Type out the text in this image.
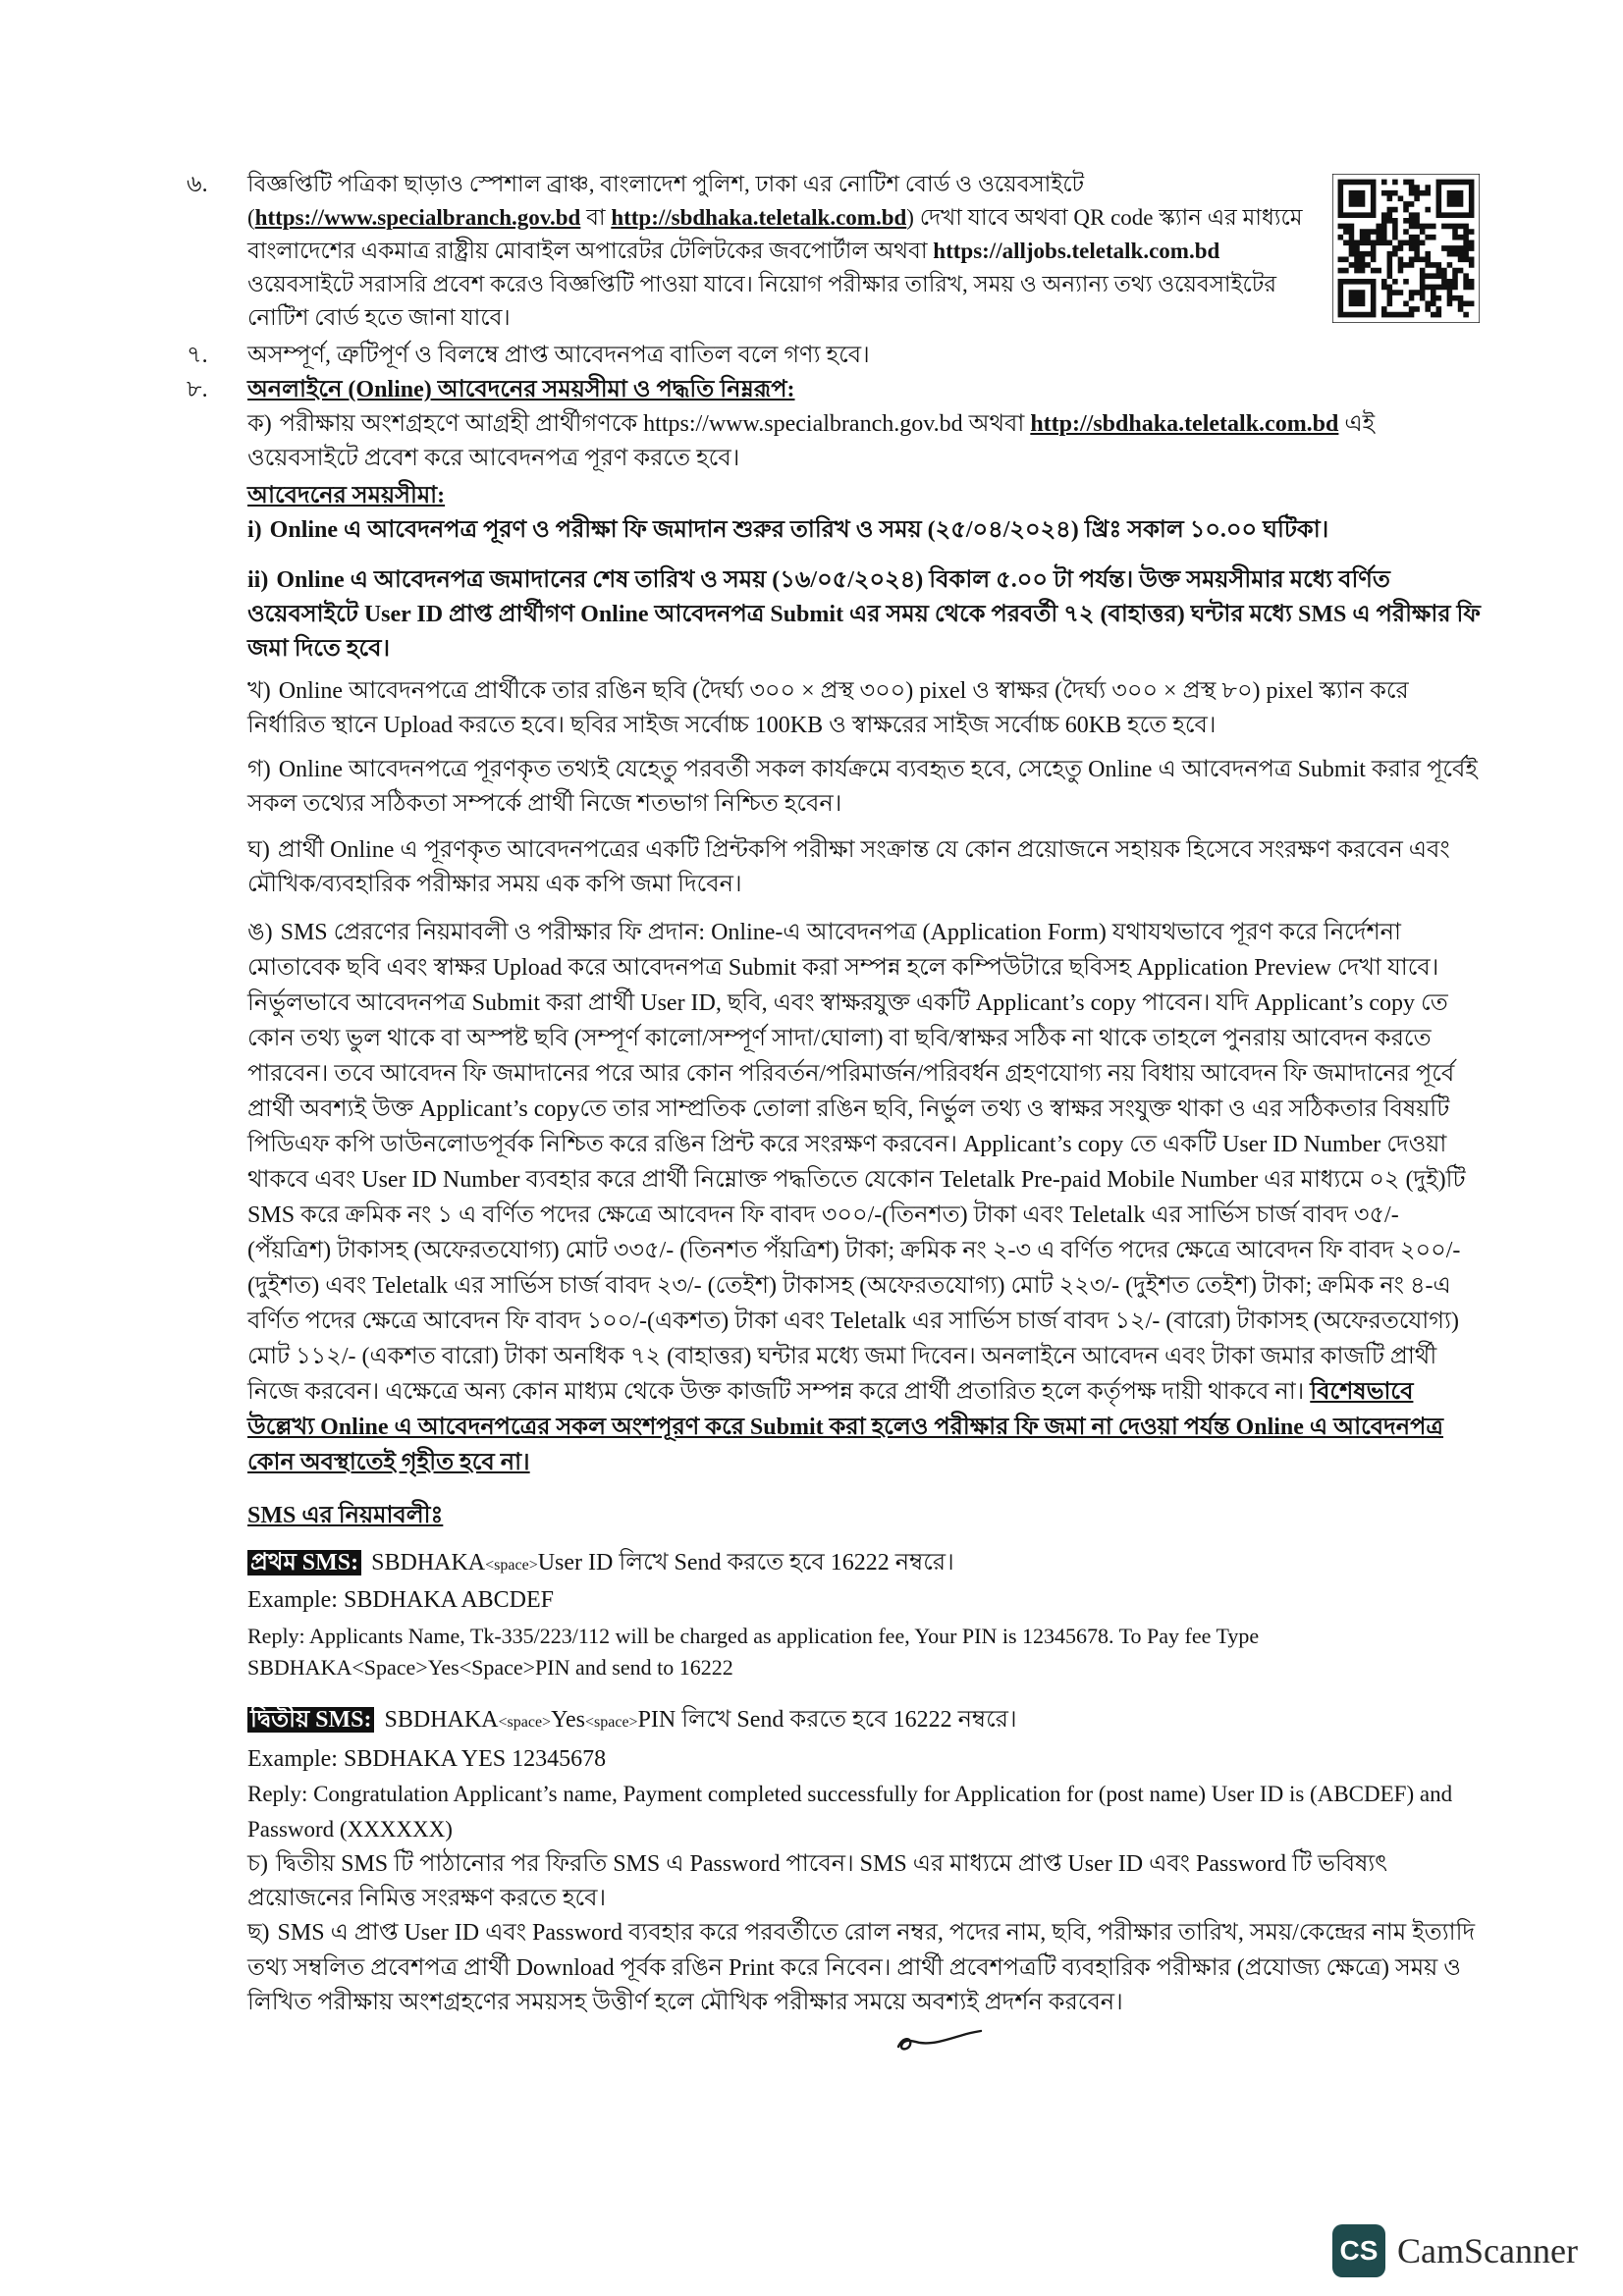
৬.	বিজ্ঞপ্তিটি পত্রিকা ছাড়াও স্পেশাল ব্রাঞ্চ, বাংলাদেশ পুলিশ, ঢাকা এর নোটিশ বোর্ড ও ওয়েবসাইটে (https://www.specialbranch.gov.bd বা http://sbdhaka.teletalk.com.bd) দেখা যাবে অথবা QR code স্ক্যান এর মাধ্যমে বাংলাদেশের একমাত্র রাষ্ট্রীয় মোবাইল অপারেটর টেলিটকের জবপোর্টাল অথবা https://alljobs.teletalk.com.bd ওয়েবসাইটে সরাসরি প্রবেশ করেও বিজ্ঞপ্তিটি পাওয়া যাবে। নিয়োগ পরীক্ষার তারিখ, সময় ও অন্যান্য তথ্য ওয়েবসাইটের নোটিশ বোর্ড হতে জানা যাবে।

৭.	অসম্পূর্ণ, ত্রুটিপূর্ণ ও বিলম্বে প্রাপ্ত আবেদনপত্র বাতিল বলে গণ্য হবে।

৮.	অনলাইনে (Online) আবেদনের সময়সীমা ও পদ্ধতি নিম্নরূপ:

ক) পরীক্ষায় অংশগ্রহণে আগ্রহী প্রার্থীগণকে https://www.specialbranch.gov.bd অথবা http://sbdhaka.teletalk.com.bd এই ওয়েবসাইটে প্রবেশ করে আবেদনপত্র পূরণ করতে হবে।

আবেদনের সময়সীমা:

i) Online এ আবেদনপত্র পূরণ ও পরীক্ষা ফি জমাদান শুরুর তারিখ ও সময় (২৫/০৪/২০২৪) খ্রিঃ সকাল ১০.০০ ঘটিকা।

ii) Online এ আবেদনপত্র জমাদানের শেষ তারিখ ও সময় (১৬/০৫/২০২৪) বিকাল ৫.০০ টা পর্যন্ত। উক্ত সময়সীমার মধ্যে বর্ণিত ওয়েবসাইটে User ID প্রাপ্ত প্রার্থীগণ Online আবেদনপত্র Submit এর সময় থেকে পরবর্তী ৭২ (বাহাত্তর) ঘন্টার মধ্যে SMS এ পরীক্ষার ফি জমা দিতে হবে।

খ) Online আবেদনপত্রে প্রার্থীকে তার রঙিন ছবি (দৈর্ঘ্য ৩০০ × প্রস্থ ৩০০) pixel ও স্বাক্ষর (দৈর্ঘ্য ৩০০ × প্রস্থ ৮০) pixel স্ক্যান করে নির্ধারিত স্থানে Upload করতে হবে। ছবির সাইজ সর্বোচ্চ 100KB ও স্বাক্ষরের সাইজ সর্বোচ্চ 60KB হতে হবে।

গ) Online আবেদনপত্রে পূরণকৃত তথ্যই যেহেতু পরবর্তী সকল কার্যক্রমে ব্যবহৃত হবে, সেহেতু Online এ আবেদনপত্র Submit করার পূর্বেই সকল তথ্যের সঠিকতা সম্পর্কে প্রার্থী নিজে শতভাগ নিশ্চিত হবেন।

ঘ) প্রার্থী Online এ পূরণকৃত আবেদনপত্রের একটি প্রিন্টকপি পরীক্ষা সংক্রান্ত যে কোন প্রয়োজনে সহায়ক হিসেবে সংরক্ষণ করবেন এবং মৌখিক/ব্যবহারিক পরীক্ষার সময় এক কপি জমা দিবেন।

ঙ) SMS প্রেরণের নিয়মাবলী ও পরীক্ষার ফি প্রদান: Online-এ আবেদনপত্র (Application Form) যথাযথভাবে পূরণ করে নির্দেশনা মোতাবেক ছবি এবং স্বাক্ষর Upload করে আবেদনপত্র Submit করা সম্পন্ন হলে কম্পিউটারে ছবিসহ Application Preview দেখা যাবে। নির্ভুলভাবে আবেদনপত্র Submit করা প্রার্থী User ID, ছবি, এবং স্বাক্ষরযুক্ত একটি Applicant’s copy পাবেন। যদি Applicant’s copy তে কোন তথ্য ভুল থাকে বা অস্পষ্ট ছবি (সম্পূর্ণ কালো/সম্পূর্ণ সাদা/ঘোলা) বা ছবি/স্বাক্ষর সঠিক না থাকে তাহলে পুনরায় আবেদন করতে পারবেন। তবে আবেদন ফি জমাদানের পরে আর কোন পরিবর্তন/পরিমার্জন/পরিবর্ধন গ্রহণযোগ্য নয় বিধায় আবেদন ফি জমাদানের পূর্বে প্রার্থী অবশ্যই উক্ত Applicant’s copyতে তার সাম্প্রতিক তোলা রঙিন ছবি, নির্ভুল তথ্য ও স্বাক্ষর সংযুক্ত থাকা ও এর সঠিকতার বিষয়টি পিডিএফ কপি ডাউনলোডপূর্বক নিশ্চিত করে রঙিন প্রিন্ট করে সংরক্ষণ করবেন। Applicant’s copy তে একটি User ID Number দেওয়া থাকবে এবং User ID Number ব্যবহার করে প্রার্থী নিম্নোক্ত পদ্ধতিতে যেকোন Teletalk Pre-paid Mobile Number এর মাধ্যমে ০২ (দুই)টি SMS করে ক্রমিক নং ১ এ বর্ণিত পদের ক্ষেত্রে আবেদন ফি বাবদ ৩০০/-(তিনশত) টাকা এবং Teletalk এর সার্ভিস চার্জ বাবদ ৩৫/- (পঁয়ত্রিশ) টাকাসহ (অফেরতযোগ্য) মোট ৩৩৫/- (তিনশত পঁয়ত্রিশ) টাকা; ক্রমিক নং ২-৩ এ বর্ণিত পদের ক্ষেত্রে আবেদন ফি বাবদ ২০০/-(দুইশত) এবং Teletalk এর সার্ভিস চার্জ বাবদ ২৩/- (তেইশ) টাকাসহ (অফেরতযোগ্য) মোট ২২৩/- (দুইশত তেইশ) টাকা; ক্রমিক নং ৪-এ বর্ণিত পদের ক্ষেত্রে আবেদন ফি বাবদ ১০০/-(একশত) টাকা এবং Teletalk এর সার্ভিস চার্জ বাবদ ১২/- (বারো) টাকাসহ (অফেরতযোগ্য) মোট ১১২/- (একশত বারো) টাকা অনধিক ৭২ (বাহাত্তর) ঘন্টার মধ্যে জমা দিবেন। অনলাইনে আবেদন এবং টাকা জমার কাজটি প্রার্থী নিজে করবেন। এক্ষেত্রে অন্য কোন মাধ্যম থেকে উক্ত কাজটি সম্পন্ন করে প্রার্থী প্রতারিত হলে কর্তৃপক্ষ দায়ী থাকবে না। বিশেষভাবে উল্লেখ্য Online এ আবেদনপত্রের সকল অংশপূরণ করে Submit করা হলেও পরীক্ষার ফি জমা না দেওয়া পর্যন্ত Online এ আবেদনপত্র কোন অবস্থাতেই গৃহীত হবে না।

SMS এর নিয়মাবলীঃ

প্রথম SMS: SBDHAKA<space>User ID লিখে Send করতে হবে 16222 নম্বরে।

Example: SBDHAKA ABCDEF

Reply: Applicants Name, Tk-335/223/112 will be charged as application fee, Your PIN is 12345678. To Pay fee Type SBDHAKA<Space>Yes<Space>PIN and send to 16222

দ্বিতীয় SMS: SBDHAKA<space>Yes<space>PIN লিখে Send করতে হবে 16222 নম্বরে।

Example: SBDHAKA YES 12345678

Reply: Congratulation Applicant’s name, Payment completed successfully for Application for (post name) User ID is (ABCDEF) and Password (XXXXXX)

চ) দ্বিতীয় SMS টি পাঠানোর পর ফিরতি SMS এ Password পাবেন। SMS এর মাধ্যমে প্রাপ্ত User ID এবং Password টি ভবিষ্যৎ প্রয়োজনের নিমিত্ত সংরক্ষণ করতে হবে।

ছ) SMS এ প্রাপ্ত User ID এবং Password ব্যবহার করে পরবর্তীতে রোল নম্বর, পদের নাম, ছবি, পরীক্ষার তারিখ, সময়/কেন্দ্রের নাম ইত্যাদি তথ্য সম্বলিত প্রবেশপত্র প্রার্থী Download পূর্বক রঙিন Print করে নিবেন। প্রার্থী প্রবেশপত্রটি ব্যবহারিক পরীক্ষার (প্রযোজ্য ক্ষেত্রে) সময় ও লিখিত পরীক্ষায় অংশগ্রহণের সময়সহ উত্তীর্ণ হলে মৌখিক পরীক্ষার সময়ে অবশ্যই প্রদর্শন করবেন।

CS CamScanner
